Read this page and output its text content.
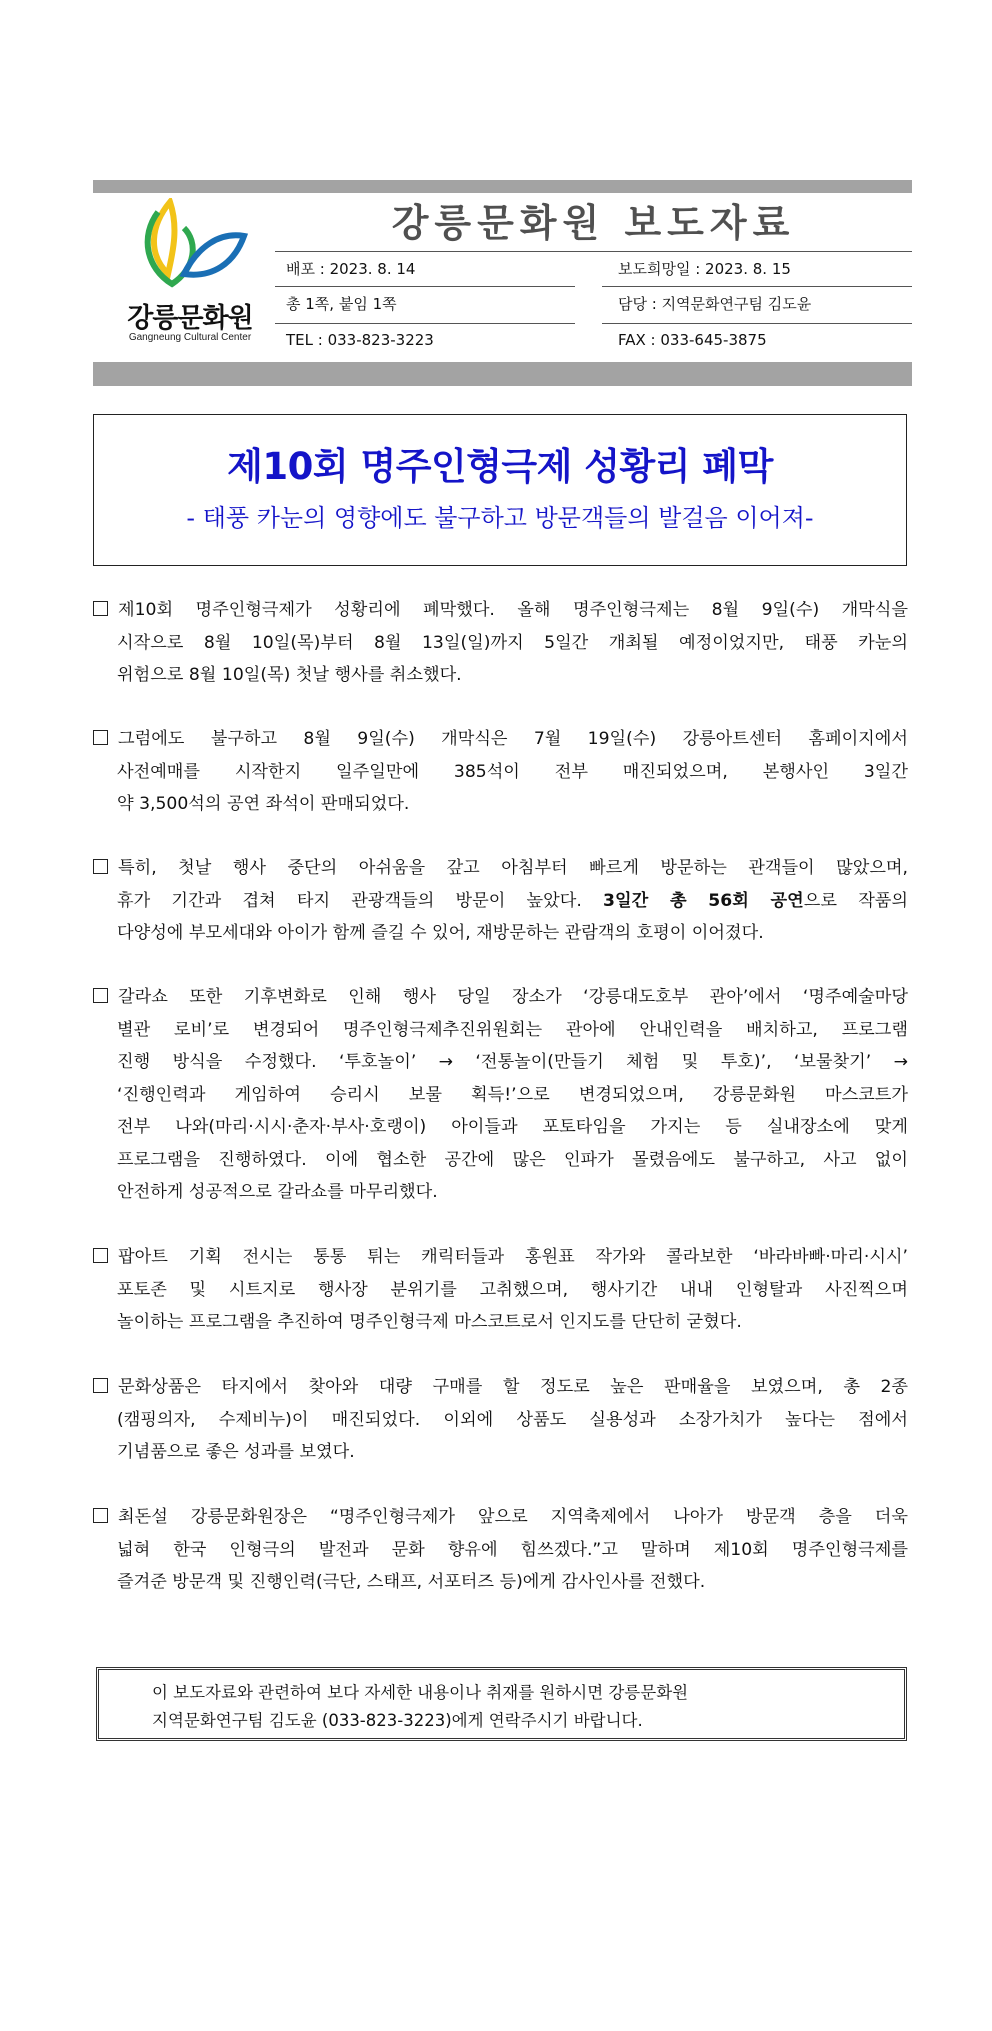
강릉문화원
Gangneung Cultural Center
강릉문화원 보도자료
배포 : 2023. 8. 14	보도희망일 : 2023. 8. 15
총 1쪽, 붙임 1쪽	담당 : 지역문화연구팀 김도윤
TEL : 033-823-3223	FAX : 033-645-3875
제10회 명주인형극제 성황리 폐막
- 태풍 카눈의 영향에도 불구하고 방문객들의 발걸음 이어져-
제10회 명주인형극제가 성황리에 폐막했다. 올해 명주인형극제는 8월 9일(수) 개막식을
시작으로 8월 10일(목)부터 8월 13일(일)까지 5일간 개최될 예정이었지만, 태풍 카눈의
위험으로 8월 10일(목) 첫날 행사를 취소했다.
그럼에도 불구하고 8월 9일(수) 개막식은 7월 19일(수) 강릉아트센터 홈페이지에서
사전예매를 시작한지 일주일만에 385석이 전부 매진되었으며, 본행사인 3일간
약 3,500석의 공연 좌석이 판매되었다.
특히, 첫날 행사 중단의 아쉬움을 갚고 아침부터 빠르게 방문하는 관객들이 많았으며,
휴가 기간과 겹쳐 타지 관광객들의 방문이 높았다. 3일간 총 56회 공연으로 작품의
다양성에 부모세대와 아이가 함께 즐길 수 있어, 재방문하는 관람객의 호평이 이어졌다.
갈라쇼 또한 기후변화로 인해 행사 당일 장소가 ‘강릉대도호부 관아’에서 ‘명주예술마당
별관 로비’로 변경되어 명주인형극제추진위원회는 관아에 안내인력을 배치하고, 프로그램
진행 방식을 수정했다. ‘투호놀이’ → ‘전통놀이(만들기 체험 및 투호)’, ‘보물찾기’ →
‘진행인력과 게임하여 승리시 보물 획득!’으로 변경되었으며, 강릉문화원 마스코트가
전부 나와(마리·시시·춘자·부사·호랭이) 아이들과 포토타임을 가지는 등 실내장소에 맞게
프로그램을 진행하였다. 이에 협소한 공간에 많은 인파가 몰렸음에도 불구하고, 사고 없이
안전하게 성공적으로 갈라쇼를 마무리했다.
팝아트 기획 전시는 통통 튀는 캐릭터들과 홍원표 작가와 콜라보한 ‘바라바빠·마리·시시’
포토존 및 시트지로 행사장 분위기를 고취했으며, 행사기간 내내 인형탈과 사진찍으며
놀이하는 프로그램을 추진하여 명주인형극제 마스코트로서 인지도를 단단히 굳혔다.
문화상품은 타지에서 찾아와 대량 구매를 할 정도로 높은 판매율을 보였으며, 총 2종
(캠핑의자, 수제비누)이 매진되었다. 이외에 상품도 실용성과 소장가치가 높다는 점에서
기념품으로 좋은 성과를 보였다.
최돈설 강릉문화원장은 “명주인형극제가 앞으로 지역축제에서 나아가 방문객 층을 더욱
넓혀 한국 인형극의 발전과 문화 향유에 힘쓰겠다.”고 말하며 제10회 명주인형극제를
즐겨준 방문객 및 진행인력(극단, 스태프, 서포터즈 등)에게 감사인사를 전했다.
이 보도자료와 관련하여 보다 자세한 내용이나 취재를 원하시면 강릉문화원
지역문화연구팀 김도윤 (033-823-3223)에게 연락주시기 바랍니다.
